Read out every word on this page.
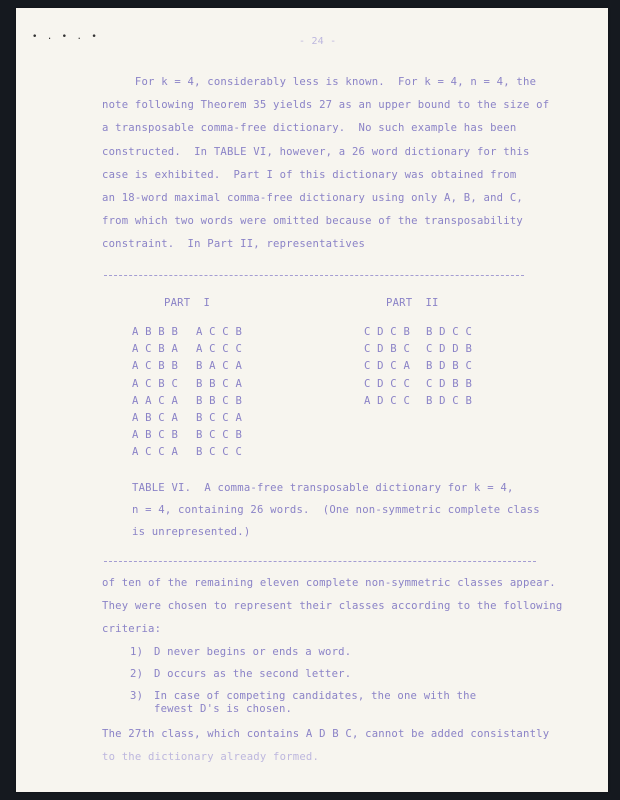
• . • . •	- 24 -
For k = 4, considerably less is known.  For k = 4, n = 4, the
note following Theorem 35 yields 27 as an upper bound to the size of
a transposable comma-free dictionary.  No such example has been
constructed.  In TABLE VI, however, a 26 word dictionary for this
case is exhibited.  Part I of this dictionary was obtained from
an 18-word maximal comma-free dictionary using only A, B, and C,
from which two words were omitted because of the transposability
constraint.  In Part II, representatives
PART  I	PART  II
A B B B
A C B A
A C B B
A C B C
A A C A
A B C A
A B C B
A C C A
A C C B
A C C C
B A C A
B B C A
B B C B
B C C A
B C C B
B C C C
C D C B
C D B C
C D C A
C D C C
A D C C
B D C C
C D D B
B D B C
C D B B
B D C B
TABLE VI.  A comma-free transposable dictionary for k = 4,
n = 4, containing 26 words.  (One non-symmetric complete class
is unrepresented.)
of ten of the remaining eleven complete non-symmetric classes appear.
They were chosen to represent their classes according to the following
criteria:
1) D never begins or ends a word.
2) D occurs as the second letter.
3) In case of competing candidates, the one with the
fewest D's is chosen.
The 27th class, which contains A D B C, cannot be added consistantly
to the dictionary already formed.
